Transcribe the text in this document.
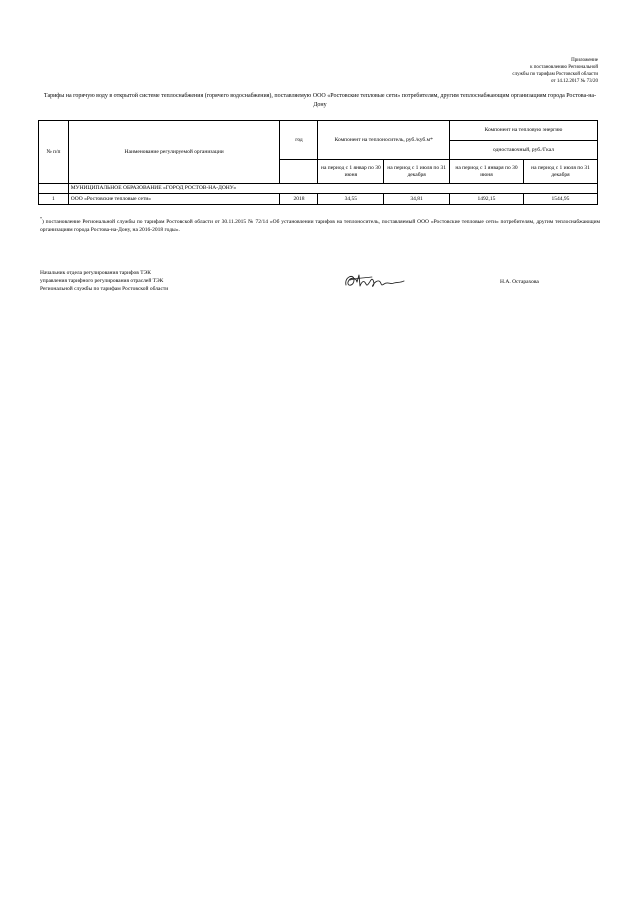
Приложение
к постановлению Региональной
службы по тарифам Ростовской области
от 14.12.2017 № 73/20
Тарифы на горячую воду в открытой системе теплоснабжения (горячего водоснабжения), поставляемую ООО «Ростовские тепловые сети» потребителям, другим теплоснабжающим организациям города Ростова-на-Дону
№ п/п	Наименование регулируемой организации	год	Компонент на теплоноситель, руб./куб.м*		Компонент на тепловую энергию	
					одноставочный, руб./Гкал	
			на период с 1 январ по 30 июня	на период с 1 июля по 31 декабря	на период с 1 января по 30 июня	на период с 1 июля по 31 декабря
	МУНИЦИПАЛЬНОЕ ОБРАЗОВАНИЕ «ГОРОД РОСТОВ-НА-ДОНУ»					
1	ООО «Ростовские тепловые сети»	2018	34,55	34,81	1492,15	1544,95
*) постановление Региональной службы по тарифам Ростовской области от 30.11.2015 № 72/14 «Об установлении тарифов на теплоноситель, поставляемый ООО «Ростовские тепловые сети» потребителям, другим теплоснабжающим организациям города Ростова-на-Дону, на 2016-2018 годы».
Начальник отдела регулирования тарифов ТЭК
управления тарифного регулирования отраслей ТЭК
Региональной службы по тарифам Ростовской области
Н.А. Остарахова
